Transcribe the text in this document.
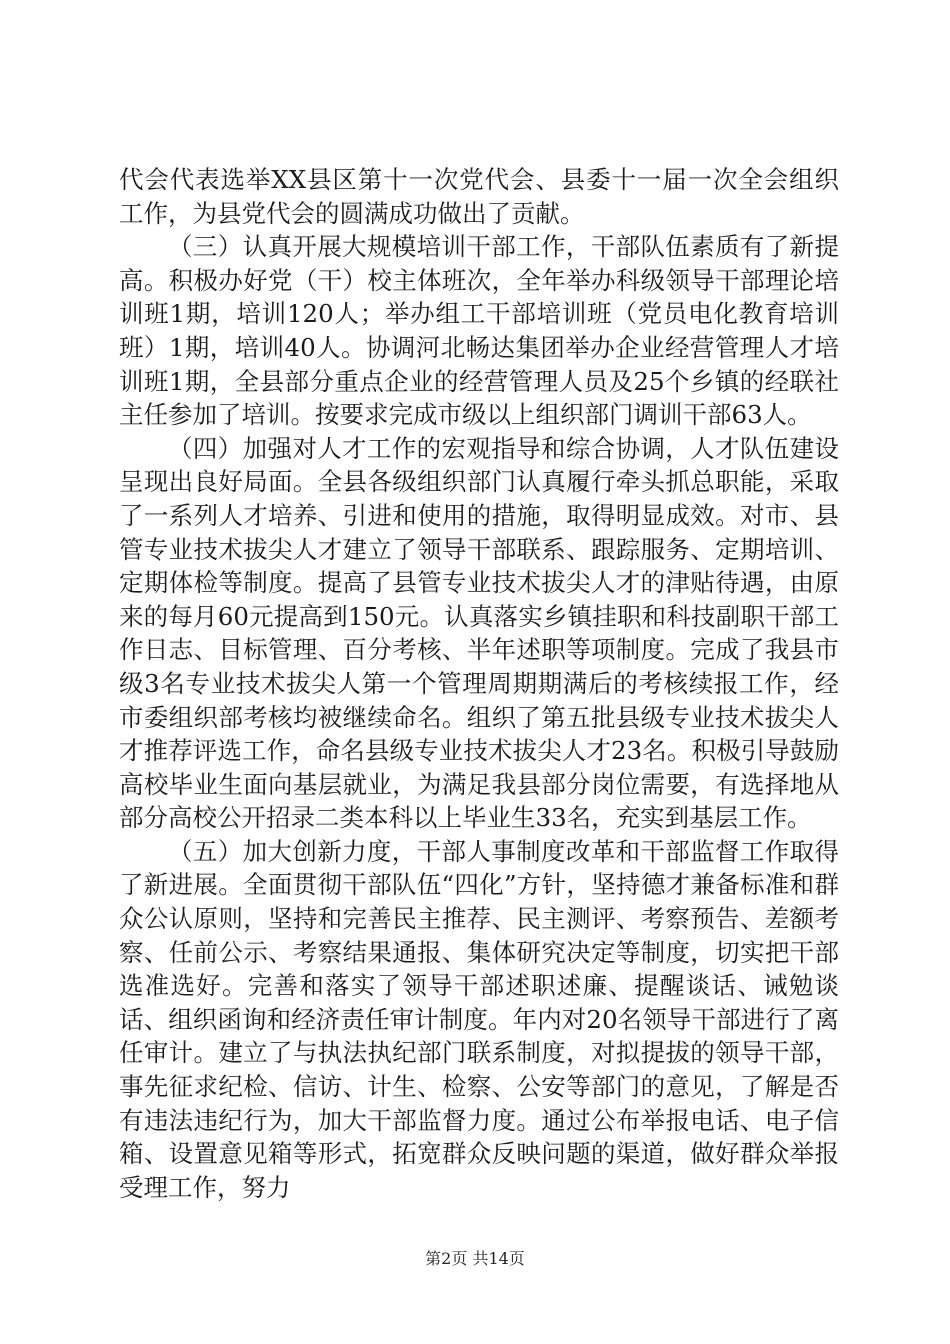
代会代表选举XX县区第十一次党代会、县委十一届一次全会组织工作，为县党代会的圆满成功做出了贡献。

（三）认真开展大规模培训干部工作，干部队伍素质有了新提高。积极办好党（干）校主体班次，全年举办科级领导干部理论培训班1期，培训120人；举办组工干部培训班（党员电化教育培训班）1期，培训40人。协调河北畅达集团举办企业经营管理人才培训班1期，全县部分重点企业的经营管理人员及25个乡镇的经联社主任参加了培训。按要求完成市级以上组织部门调训干部63人。

（四）加强对人才工作的宏观指导和综合协调，人才队伍建设呈现出良好局面。全县各级组织部门认真履行牵头抓总职能，采取了一系列人才培养、引进和使用的措施，取得明显成效。对市、县管专业技术拔尖人才建立了领导干部联系、跟踪服务、定期培训、定期体检等制度。提高了县管专业技术拔尖人才的津贴待遇，由原来的每月60元提高到150元。认真落实乡镇挂职和科技副职干部工作日志、目标管理、百分考核、半年述职等项制度。完成了我县市级3名专业技术拔尖人第一个管理周期期满后的考核续报工作，经市委组织部考核均被继续命名。组织了第五批县级专业技术拔尖人才推荐评选工作，命名县级专业技术拔尖人才23名。积极引导鼓励高校毕业生面向基层就业，为满足我县部分岗位需要，有选择地从部分高校公开招录二类本科以上毕业生33名，充实到基层工作。

（五）加大创新力度，干部人事制度改革和干部监督工作取得了新进展。全面贯彻干部队伍“四化”方针，坚持德才兼备标准和群众公认原则，坚持和完善民主推荐、民主测评、考察预告、差额考察、任前公示、考察结果通报、集体研究决定等制度，切实把干部选准选好。完善和落实了领导干部述职述廉、提醒谈话、诫勉谈话、组织函询和经济责任审计制度。年内对20名领导干部进行了离任审计。建立了与执法执纪部门联系制度，对拟提拔的领导干部，事先征求纪检、信访、计生、检察、公安等部门的意见，了解是否有违法违纪行为，加大干部监督力度。通过公布举报电话、电子信箱、设置意见箱等形式，拓宽群众反映问题的渠道，做好群众举报受理工作，努力

第2页 共14页
